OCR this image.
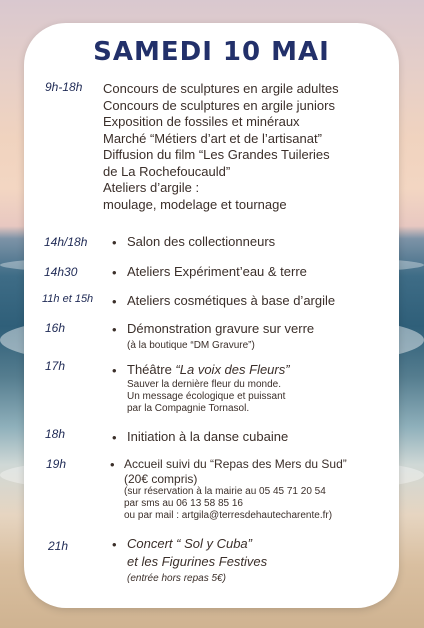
SAMEDI 10 MAI
9h-18h Concours de sculptures en argile adultes
Concours de sculptures en argile juniors
Exposition de fossiles et minéraux
Marché “Métiers d’art et de l’artisanat”
Diffusion du film “Les Grandes Tuileries
de La Rochefoucauld”
Ateliers d’argile :
moulage, modelage et tournage
14h/18h • Salon des collectionneurs
14h30	• Ateliers Expériment’eau & terre
11h et 15h • Ateliers cosmétiques à base d’argile
16h	• Démonstration gravure sur verre
(à la boutique “DM Gravure”)
17h	• Théâtre “La voix des Fleurs”
Sauver la dernière fleur du monde.
Un message écologique et puissant
par la Compagnie Tornasol.
18h	• Initiation à la danse cubaine
19h	• Accueil suivi du “Repas des Mers du Sud”
(20€ compris)
(sur réservation à la mairie au 05 45 71 20 54
par sms au 06 13 58 85 16
ou par mail : artgila@terresdehautecharente.fr)
21h	• Concert “ Sol y Cuba”
et les Figurines Festives
(entrée hors repas 5€)
